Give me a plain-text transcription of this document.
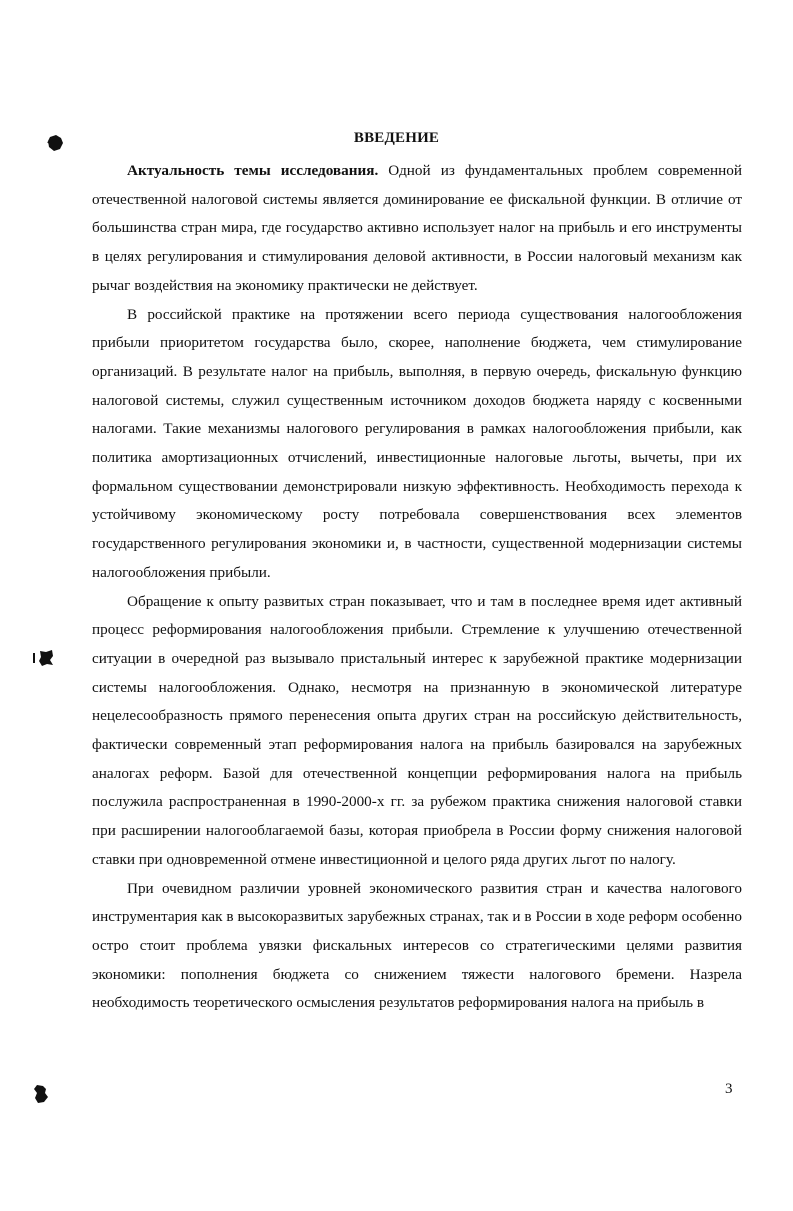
ВВЕДЕНИЕ

Актуальность темы исследования. Одной из фундаментальных проблем современной отечественной налоговой системы является доминирование ее фискальной функции. В отличие от большинства стран мира, где государство активно использует налог на прибыль и его инструменты в целях регулирования и стимулирования деловой активности, в России налоговый механизм как рычаг воздействия на экономику практически не действует.

В российской практике на протяжении всего периода существования налогообложения прибыли приоритетом государства было, скорее, наполнение бюджета, чем стимулирование организаций. В результате налог на прибыль, выполняя, в первую очередь, фискальную функцию налоговой системы, служил существенным источником доходов бюджета наряду с косвенными налогами. Такие механизмы налогового регулирования в рамках налогообложения прибыли, как политика амортизационных отчислений, инвестиционные налоговые льготы, вычеты, при их формальном существовании демонстрировали низкую эффективность. Необходимость перехода к устойчивому экономическому росту потребовала совершенствования всех элементов государственного регулирования экономики и, в частности, существенной модернизации системы налогообложения прибыли.

Обращение к опыту развитых стран показывает, что и там в последнее время идет активный процесс реформирования налогообложения прибыли. Стремление к улучшению отечественной ситуации в очередной раз вызывало пристальный интерес к зарубежной практике модернизации системы налогообложения. Однако, несмотря на признанную в экономической литературе нецелесообразность прямого перенесения опыта других стран на российскую действительность, фактически современный этап реформирования налога на прибыль базировался на зарубежных аналогах реформ. Базой для отечественной концепции реформирования налога на прибыль послужила распространенная в 1990-2000-х гг. за рубежом практика снижения налоговой ставки при расширении налогооблагаемой базы, которая приобрела в России форму снижения налоговой ставки при одновременной отмене инвестиционной и целого ряда других льгот по налогу.

При очевидном различии уровней экономического развития стран и качества налогового инструментария как в высокоразвитых зарубежных странах, так и в России в ходе реформ особенно остро стоит проблема увязки фискальных интересов со стратегическими целями развития экономики: пополнения бюджета со снижением тяжести налогового бремени. Назрела необходимость теоретического осмысления результатов реформирования налога на прибыль в

3
